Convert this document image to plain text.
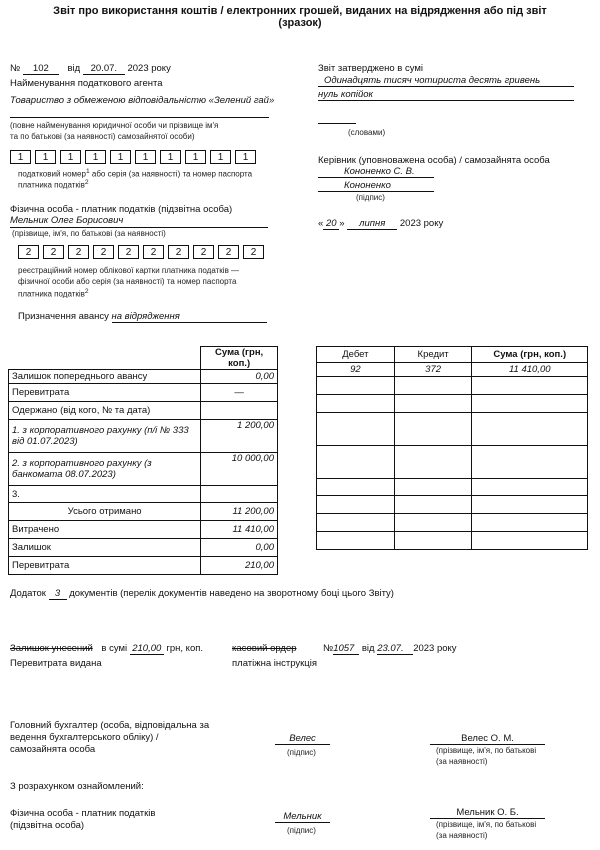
Звіт про використання коштів / електронних грошей, виданих на відрядження або під звіт
(зразок)
№ 102 від 20.07. 2023 року
Найменування податкового агента
Товариство з обмеженою відповідальністю «Зелений гай»
(повне найменування юридичної особи чи прізвище ім'я
та по батькові (за наявності) самозайнятої особи)
1	1	1	1	1	1	1	1	1	1
податковий номер$^1$ або серія (за наявності) та номер паспорта
платника податків$^2$
Фізична особа - платник податків (підзвітна особа)
Мельник Олег Борисович
(прізвище, ім'я, по батькові (за наявності)
2	2	2	2	2	2	2	2	2	2
реєстраційний номер облікової картки платника податків —
фізичної особи або серія (за наявності) та номер паспорта
платника податків$^2$
Призначення авансу на відрядження
Звіт затверджено в сумі
Одинадцять тисяч чотириста десять гривень
нуль копійок
(словами)
Керівник (уповноважена особа) / самозайнята особа
Кононенко С. В.
Кононенко
(підпис)
« 20 » липня 2023 року
	Сума (грн, коп.)
Залишок попереднього авансу	0,00
Перевитрата	—
Одержано (від кого, № та дата)	
1. з корпоративного рахунку (п/і № 333 від 01.07.2023)	1 200,00
2. з корпоративного рахунку (з банкомата 08.07.2023)	10 000,00
3.	
Усього отримано	11 200,00
Витрачено	11 410,00
Залишок	0,00
Перевитрата	210,00
Дебет	Кредит	Сума (грн, коп.)
92	372	11 410,00

Додаток 3 документів (перелік документів наведено на зворотному боці цього Звіту)
Залишок унесений в сумі 210,00 грн, коп.	касовий ордер	№1057 від 23.07. 2023 року
Перевитрата видана	платіжна інструкція
Головний бухгалтер (особа, відповідальна за
ведення бухгалтерського обліку) /
самозайнята особа
Велес
(підпис)
Велес О. М.
(прізвище, ім'я, по батькові
(за наявності)
З розрахунком ознайомлений:
Фізична особа - платник податків
(підзвітна особа)
Мельник
(підпис)
Мельник О. Б.
(прізвище, ім'я, по батькові
(за наявності)
